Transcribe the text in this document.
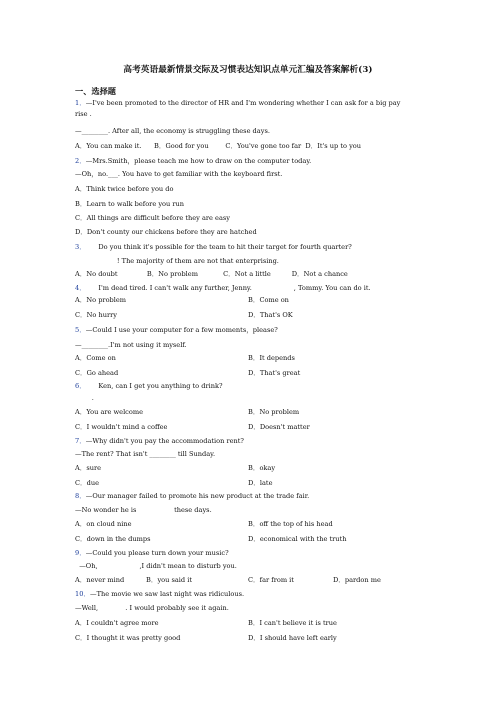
高考英语最新情景交际及习惯表达知识点单元汇编及答案解析(3)
一、选择题
1．—I've been promoted to the director of HR and I'm wondering whether I can ask for a big pay
rise .
—________. After all, the economy is struggling these days.
A．You can make it.      B．Good for you        C．You've gone too far  D．It's up to you
2．—Mrs.Smith，please teach me how to draw on the computer today.
—Oh，no.___. You have to get familiar with the keyboard first.
A．Think twice before you do
B．Learn to walk before you run
C．All things are difficult before they are easy
D．Don't county our chickens before they are hatched
3．      Do you think it's possible for the team to hit their target for fourth quarter?
! The majority of them are not that enterprising.
A．No doubt              B．No problem            C．Not a little          D．Not a chance
4．      I'm dead tired. I can't walk any further, Jenny.                    , Tommy. You can do it.
A．No problem	B．Come on
C．No hurry	D．That's OK
5．—Could I use your computer for a few moments，please?
—________.I'm not using it myself.
A．Come on	B．It depends
C．Go ahead	D．That's great
6．      Ken, can I get you anything to drink?
.
A．You are welcome	B．No problem
C．I wouldn't mind a coffee	D．Doesn't matter
7．—Why didn't you pay the accommodation rent?
—The rent? That isn't ________ till Sunday.
A．sure	B．okay
C．due	D．late
8．—Our manager failed to promote his new product at the trade fair.
—No wonder he is                  these days.
A．on cloud nine	B．off the top of his head
C．down in the dumps	D．economical with the truth
9．—Could you please turn down your music?
—Oh,                    ,I didn't mean to disturb you.
A．never mind	B．you said it	C．far from it	D．pardon me
10．—The movie we saw last night was ridiculous.
—Well,             . I would probably see it again.
A．I couldn't agree more	B．I can't believe it is true
C．I thought it was pretty good	D．I should have left early
